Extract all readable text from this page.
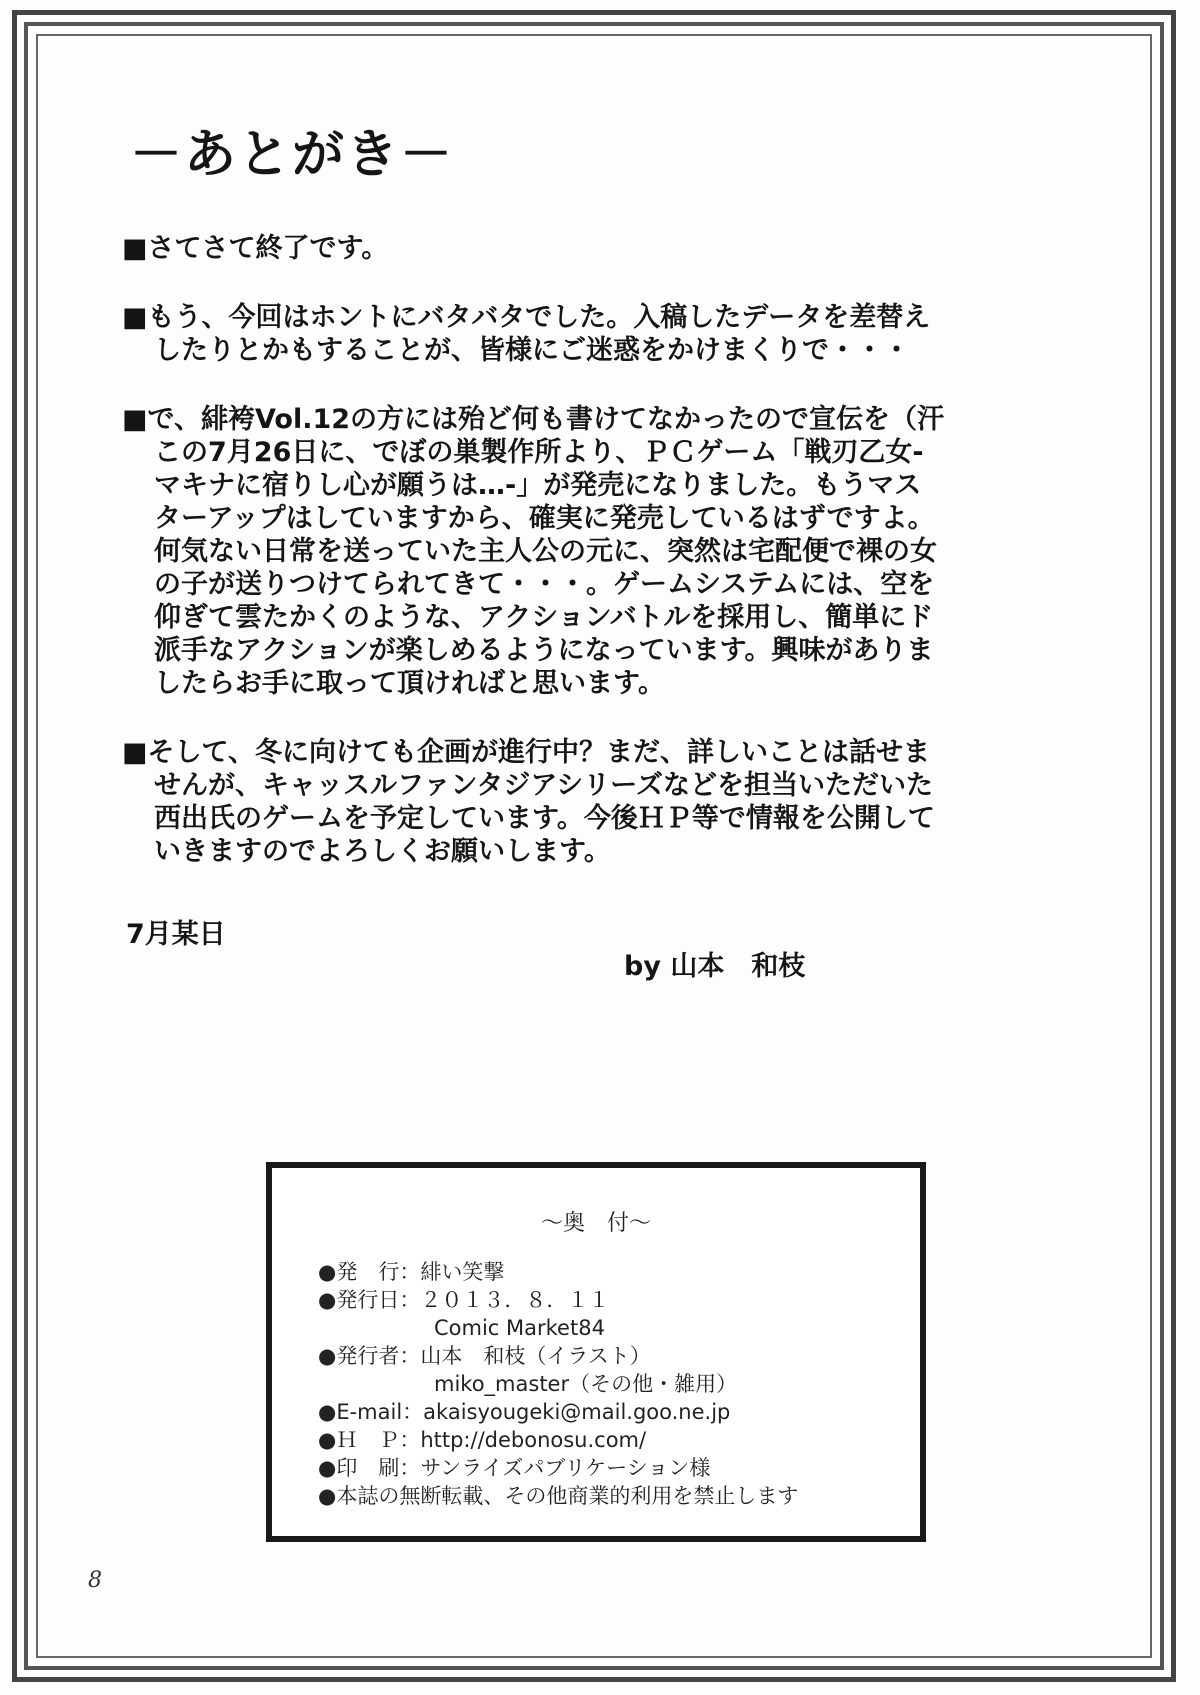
－あとがき－
■さてさて終了です。
■もう、今回はホントにバタバタでした。入稿したデータを差替え
したりとかもすることが、皆様にご迷惑をかけまくりで・・・
■で、緋袴Vol.12の方には殆ど何も書けてなかったので宣伝を（汗
この7月26日に、でぼの巣製作所より、ＰＣゲーム「戦刃乙女-
マキナに宿りし心が願うは…-」が発売になりました。もうマス
ターアップはしていますから、確実に発売しているはずですよ。
何気ない日常を送っていた主人公の元に、突然は宅配便で裸の女
の子が送りつけてられてきて・・・。ゲームシステムには、空を
仰ぎて雲たかくのような、アクションバトルを採用し、簡単にド
派手なアクションが楽しめるようになっています。興味がありま
したらお手に取って頂ければと思います。
■そして、冬に向けても企画が進行中？まだ、詳しいことは話せま
せんが、キャッスルファンタジアシリーズなどを担当いただいた
西出氏のゲームを予定しています。今後ＨＰ等で情報を公開して
いきますのでよろしくお願いします。
7月某日
by 山本　和枝
～奥　付～
●発　行：緋い笑撃
●発行日：２０１３．８．１１
Comic Market84
●発行者：山本　和枝（イラスト）
miko_master（その他・雑用）
●E-mail：akaisyougeki@mail.goo.ne.jp
●Ｈ　Ｐ：http://debonosu.com/
●印　刷：サンライズパブリケーション様
●本誌の無断転載、その他商業的利用を禁止します
8
